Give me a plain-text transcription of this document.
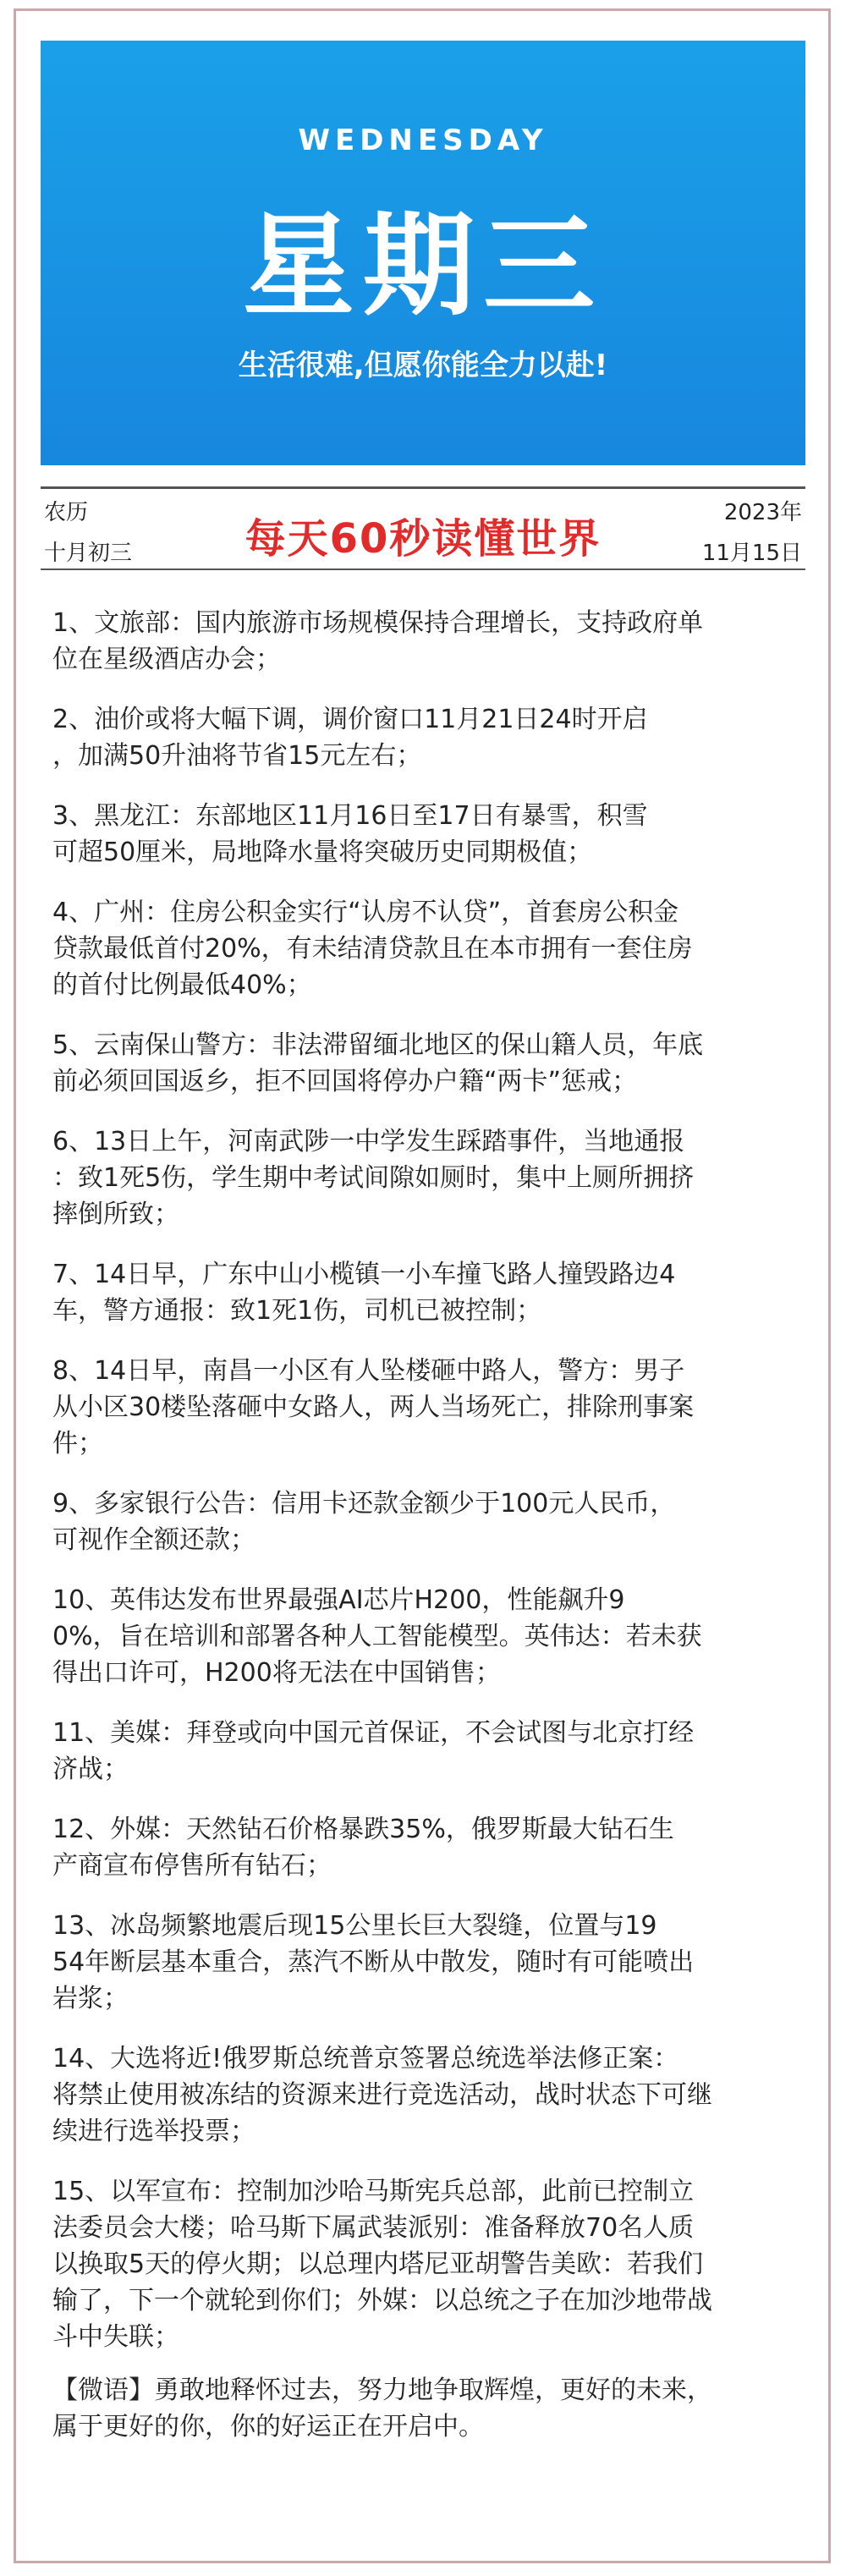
WEDNESDAY
星期三
生活很难,但愿你能全力以赴!
农历
十月初三	每天60秒读懂世界
2023年
11月15日

1、文旅部：国内旅游市场规模保持合理增长，支持政府单
位在星级酒店办会；

2、油价或将大幅下调，调价窗口11月21日24时开启
，加满50升油将节省15元左右；

3、黑龙江：东部地区11月16日至17日有暴雪，积雪
可超50厘米，局地降水量将突破历史同期极值；

4、广州：住房公积金实行“认房不认贷”，首套房公积金
贷款最低首付20%，有未结清贷款且在本市拥有一套住房
的首付比例最低40%；

5、云南保山警方：非法滞留缅北地区的保山籍人员，年底
前必须回国返乡，拒不回国将停办户籍“两卡”惩戒；

6、13日上午，河南武陟一中学发生踩踏事件，当地通报
：致1死5伤，学生期中考试间隙如厕时，集中上厕所拥挤
摔倒所致；

7、14日早，广东中山小榄镇一小车撞飞路人撞毁路边4
车，警方通报：致1死1伤，司机已被控制；

8、14日早，南昌一小区有人坠楼砸中路人，警方：男子
从小区30楼坠落砸中女路人，两人当场死亡，排除刑事案
件；

9、多家银行公告：信用卡还款金额少于100元人民币，
可视作全额还款；

10、英伟达发布世界最强AI芯片H200，性能飙升9
0%，旨在培训和部署各种人工智能模型。英伟达：若未获
得出口许可，H200将无法在中国销售；

11、美媒：拜登或向中国元首保证，不会试图与北京打经
济战；

12、外媒：天然钻石价格暴跌35%，俄罗斯最大钻石生
产商宣布停售所有钻石；

13、冰岛频繁地震后现15公里长巨大裂缝，位置与19
54年断层基本重合，蒸汽不断从中散发，随时有可能喷出
岩浆；

14、大选将近!俄罗斯总统普京签署总统选举法修正案：
将禁止使用被冻结的资源来进行竞选活动，战时状态下可继
续进行选举投票；

15、以军宣布：控制加沙哈马斯宪兵总部，此前已控制立
法委员会大楼；哈马斯下属武装派别：准备释放70名人质
以换取5天的停火期；以总理内塔尼亚胡警告美欧：若我们
输了，下一个就轮到你们；外媒：以总统之子在加沙地带战
斗中失联；

【微语】勇敢地释怀过去，努力地争取辉煌，更好的未来，
属于更好的你，你的好运正在开启中。
